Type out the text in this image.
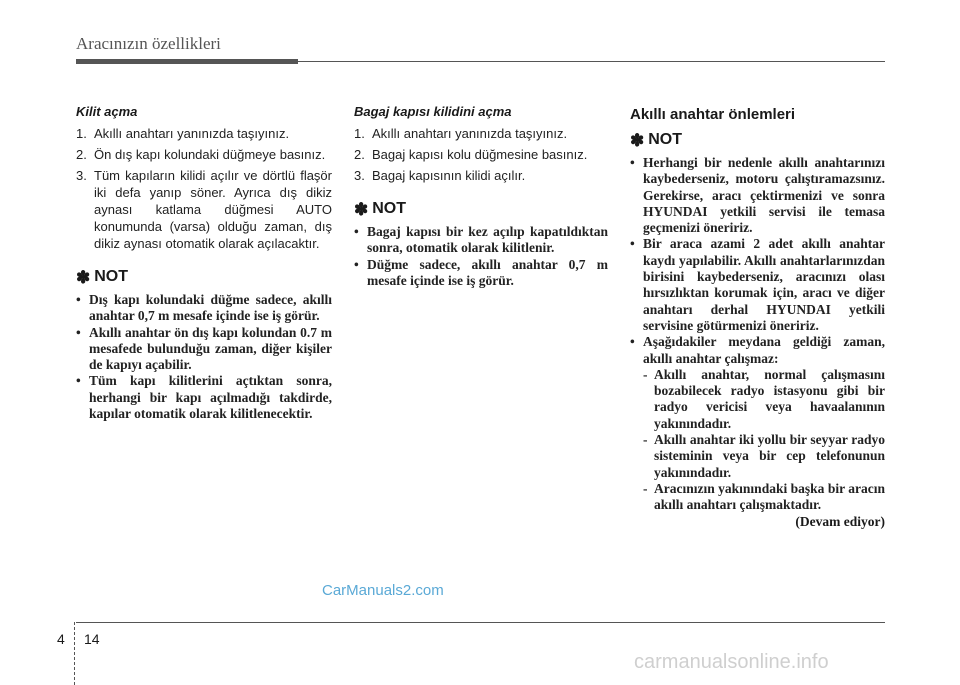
Aracınızın özellikleri
Kilit açma
1. Akıllı anahtarı yanınızda taşıyınız.
2. Ön dış kapı kolundaki düğmeye basınız.
3. Tüm kapıların kilidi açılır ve dörtlü flaşör iki defa yanıp söner. Ayrıca dış dikiz aynası katlama düğmesi AUTO konumunda (varsa) olduğu zaman, dış dikiz aynası otomatik olarak açılacaktır.
✽ NOT
• Dış kapı kolundaki düğme sadece, akıllı anahtar 0,7 m mesafe içinde ise iş görür.
• Akıllı anahtar ön dış kapı kolundan 0.7 m mesafede bulunduğu zaman, diğer kişiler de kapıyı açabilir.
• Tüm kapı kilitlerini açtıktan sonra, herhangi bir kapı açılmadığı takdirde, kapılar otomatik olarak kilitlenecektir.
Bagaj kapısı kilidini açma
1. Akıllı anahtarı yanınızda taşıyınız.
2. Bagaj kapısı kolu düğmesine basınız.
3. Bagaj kapısının kilidi açılır.
✽ NOT
• Bagaj kapısı bir kez açılıp kapatıldıktan sonra, otomatik olarak kilitlenir.
• Düğme sadece, akıllı anahtar 0,7 m mesafe içinde ise iş görür.
Akıllı anahtar önlemleri
✽ NOT
• Herhangi bir nedenle akıllı anahtarınızı kaybederseniz, motoru çalıştıramazsınız. Gerekirse, aracı çektirmenizi ve sonra HYUNDAI yetkili servisi ile temasa geçmenizi öneririz.
• Bir araca azami 2 adet akıllı anahtar kaydı yapılabilir. Akıllı anahtarlarınızdan birisini kaybederseniz, aracınızı olası hırsızlıktan korumak için, aracı ve diğer anahtarı derhal HYUNDAI yetkili servisine götürmenizi öneririz.
• Aşağıdakiler meydana geldiği zaman, akıllı anahtar çalışmaz:
- Akıllı anahtar, normal çalışmasını bozabilecek radyo istasyonu gibi bir radyo vericisi veya havaalanının yakınındadır.
- Akıllı anahtar iki yollu bir seyyar radyo sisteminin veya bir cep telefonunun yakınındadır.
- Aracınızın yakınındaki başka bir aracın akıllı anahtarı çalışmaktadır.
(Devam ediyor)
CarManuals2.com
4 14
carmanualsonline.info
